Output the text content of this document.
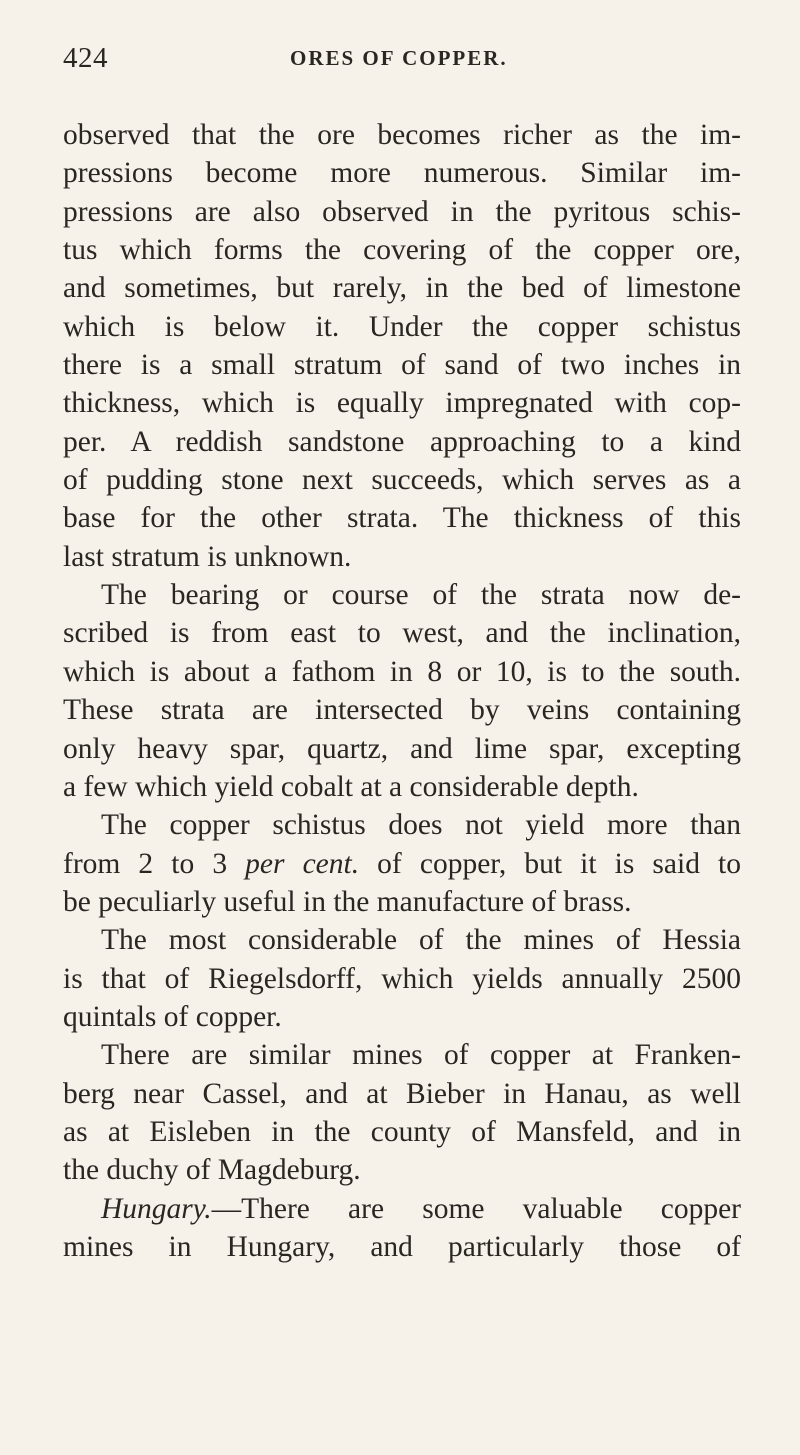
424	ORES OF COPPER.
observed that the ore becomes richer as the im-
pressions become more numerous. Similar im-
pressions are also observed in the pyritous schis-
tus which forms the covering of the copper ore,
and sometimes, but rarely, in the bed of limestone
which is below it. Under the copper schistus
there is a small stratum of sand of two inches in
thickness, which is equally impregnated with cop-
per. A reddish sandstone approaching to a kind
of pudding stone next succeeds, which serves as a
base for the other strata. The thickness of this
last stratum is unknown.
The bearing or course of the strata now de-
scribed is from east to west, and the inclination,
which is about a fathom in 8 or 10, is to the south.
These strata are intersected by veins containing
only heavy spar, quartz, and lime spar, excepting
a few which yield cobalt at a considerable depth.
The copper schistus does not yield more than
from 2 to 3 per cent. of copper, but it is said to
be peculiarly useful in the manufacture of brass.
The most considerable of the mines of Hessia
is that of Riegelsdorff, which yields annually 2500
quintals of copper.
There are similar mines of copper at Franken-
berg near Cassel, and at Bieber in Hanau, as well
as at Eisleben in the county of Mansfeld, and in
the duchy of Magdeburg.
Hungary.—There are some valuable copper
mines in Hungary, and particularly those of
